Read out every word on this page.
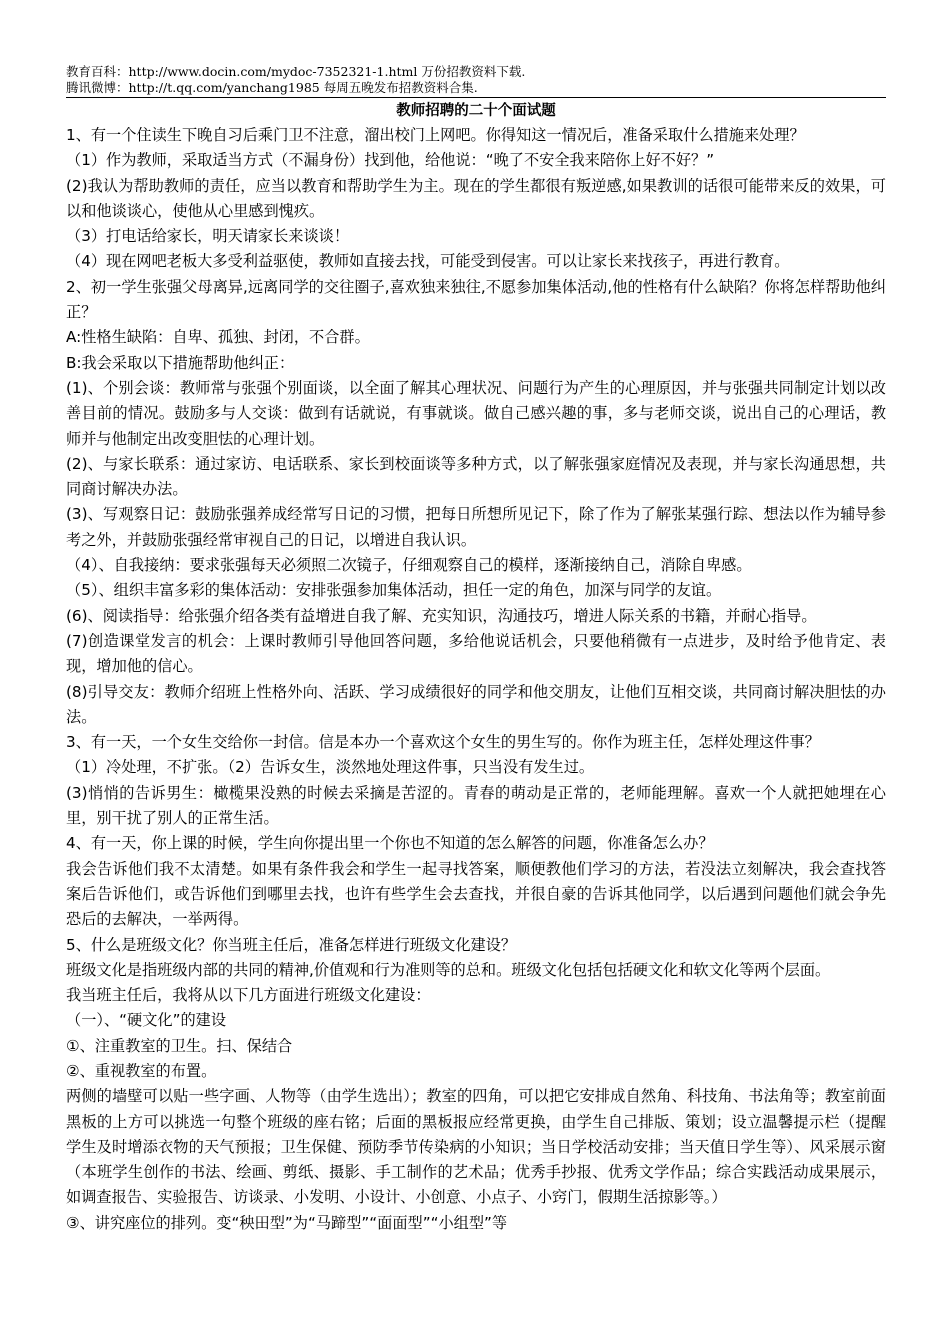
教育百科：http://www.docin.com/mydoc-7352321-1.html 万份招教资料下载.
腾讯微博：http://t.qq.com/yanchang1985 每周五晚发布招教资料合集.
教师招聘的二十个面试题

1、有一个住读生下晚自习后乘门卫不注意，溜出校门上网吧。你得知这一情况后，准备采取什么措施来处理？

（1）作为教师，采取适当方式（不漏身份）找到他，给他说：“晚了不安全我来陪你上好不好？”

(2)我认为帮助教师的责任，应当以教育和帮助学生为主。现在的学生都很有叛逆感,如果教训的话很可能带来反的效果，可以和他谈谈心，使他从心里感到愧疚。

（3）打电话给家长，明天请家长来谈谈！

（4）现在网吧老板大多受利益驱使，教师如直接去找，可能受到侵害。可以让家长来找孩子，再进行教育。

2、初一学生张强父母离异,远离同学的交往圈子,喜欢独来独往,不愿参加集体活动,他的性格有什么缺陷？你将怎样帮助他纠正？

A:性格生缺陷：自卑、孤独、封闭，不合群。

B:我会采取以下措施帮助他纠正：

(1)、个别会谈：教师常与张强个别面谈，以全面了解其心理状况、问题行为产生的心理原因，并与张强共同制定计划以改善目前的情况。鼓励多与人交谈：做到有话就说，有事就谈。做自己感兴趣的事，多与老师交谈，说出自己的心理话，教师并与他制定出改变胆怯的心理计划。

(2)、与家长联系：通过家访、电话联系、家长到校面谈等多种方式，以了解张强家庭情况及表现，并与家长沟通思想，共同商讨解决办法。

(3)、写观察日记：鼓励张强养成经常写日记的习惯，把每日所想所见记下，除了作为了解张某强行踪、想法以作为辅导参考之外，并鼓励张强经常审视自己的日记，以增进自我认识。

（4）、自我接纳：要求张强每天必须照二次镜子，仔细观察自己的模样，逐渐接纳自己，消除自卑感。

（5）、组织丰富多彩的集体活动：安排张强参加集体活动，担任一定的角色，加深与同学的友谊。

(6)、阅读指导：给张强介绍各类有益增进自我了解、充实知识，沟通技巧，增进人际关系的书籍，并耐心指导。

(7)创造课堂发言的机会：上课时教师引导他回答问题，多给他说话机会，只要他稍微有一点进步，及时给予他肯定、表现，增加他的信心。

(8)引导交友：教师介绍班上性格外向、活跃、学习成绩很好的同学和他交朋友，让他们互相交谈，共同商讨解决胆怯的办法。

3、有一天，一个女生交给你一封信。信是本办一个喜欢这个女生的男生写的。你作为班主任，怎样处理这件事？

（1）冷处理，不扩张。（2）告诉女生，淡然地处理这件事，只当没有发生过。

(3)悄悄的告诉男生：橄榄果没熟的时候去采摘是苦涩的。青春的萌动是正常的，老师能理解。喜欢一个人就把她埋在心里，别干扰了别人的正常生活。

4、有一天，你上课的时候，学生向你提出里一个你也不知道的怎么解答的问题，你准备怎么办？

我会告诉他们我不太清楚。如果有条件我会和学生一起寻找答案，顺便教他们学习的方法，若没法立刻解决，我会查找答案后告诉他们，或告诉他们到哪里去找，也许有些学生会去查找，并很自豪的告诉其他同学，以后遇到问题他们就会争先恐后的去解决，一举两得。

5、什么是班级文化？你当班主任后，准备怎样进行班级文化建设？

班级文化是指班级内部的共同的精神,价值观和行为准则等的总和。班级文化包括包括硬文化和软文化等两个层面。

我当班主任后，我将从以下几方面进行班级文化建设：

（一）、“硬文化”的建设

①、注重教室的卫生。扫、保结合

②、重视教室的布置。

两侧的墙壁可以贴一些字画、人物等（由学生选出）；教室的四角，可以把它安排成自然角、科技角、书法角等；教室前面黑板的上方可以挑选一句整个班级的座右铭；后面的黑板报应经常更换，由学生自己排版、策划；设立温馨提示栏（提醒学生及时增添衣物的天气预报；卫生保健、预防季节传染病的小知识；当日学校活动安排；当天值日学生等）、风采展示窗（本班学生创作的书法、绘画、剪纸、摄影、手工制作的艺术品；优秀手抄报、优秀文学作品；综合实践活动成果展示，如调查报告、实验报告、访谈录、小发明、小设计、小创意、小点子、小窍门，假期生活掠影等。）

③、讲究座位的排列。变“秧田型”为“马蹄型”“面面型”“小组型”等
